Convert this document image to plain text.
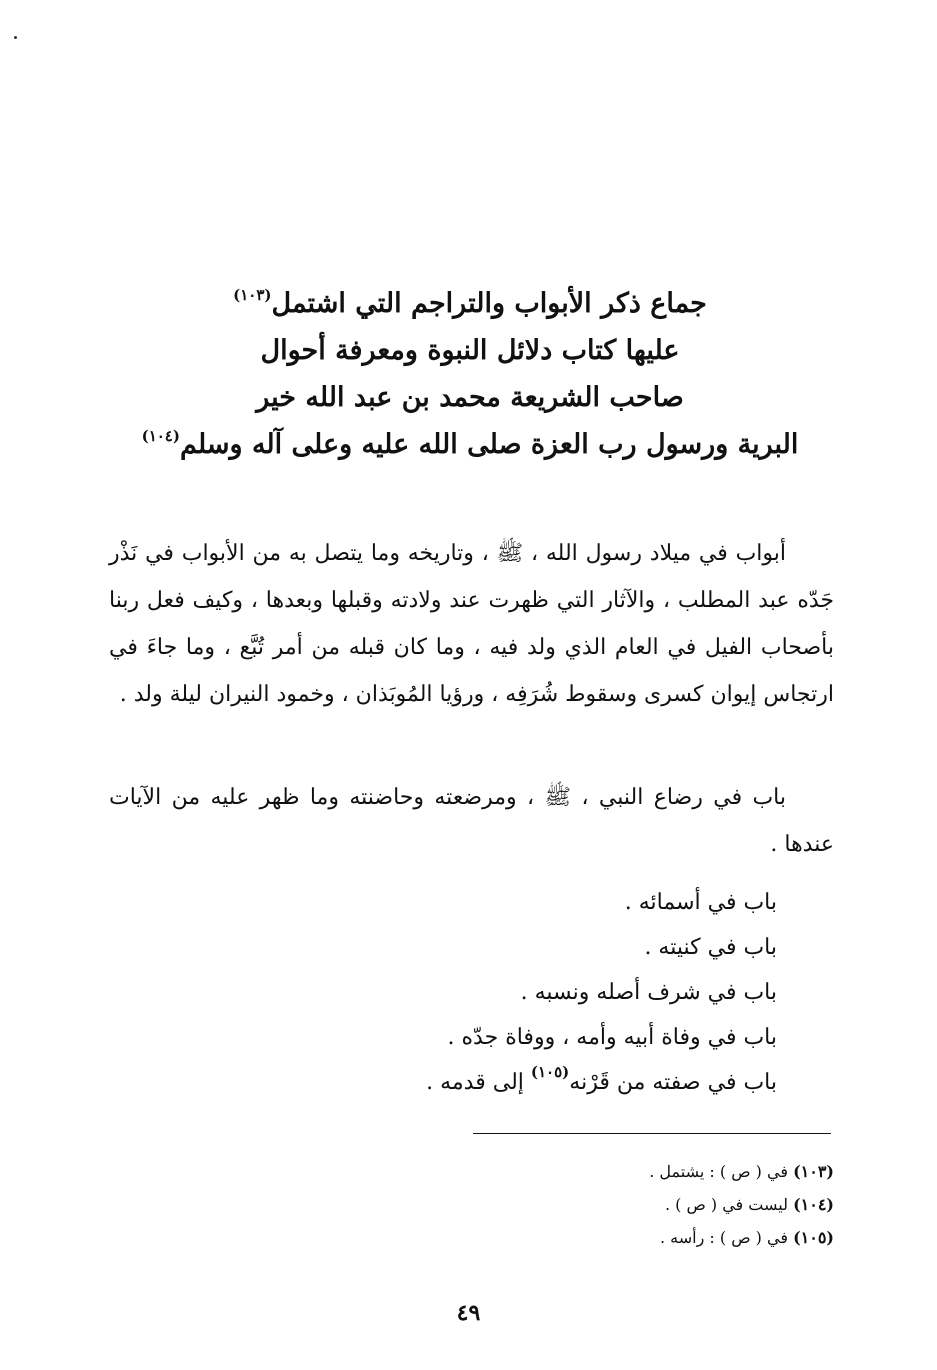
جماع ذكر الأبواب والتراجم التي اشتمل$^{(١٠٣)}$
عليها كتاب دلائل النبوة ومعرفة أحوال
صاحب الشريعة محمد بن عبد الله خير
البرية ورسول رب العزة صلى الله عليه وعلى آله وسلم$^{(١٠٤)}$

أبواب في ميلاد رسول الله ، ﷺ ، وتاريخه وما يتصل به من الأبواب في نَذْر جَدّه عبد المطلب ، والآثار التي ظهرت عند ولادته وقبلها وبعدها ، وكيف فعل ربنا بأصحاب الفيل في العام الذي ولد فيه ، وما كان قبله من أمر تُبَّع ، وما جاءَ في ارتجاس إيوان كسرى وسقوط شُرَفِه ، ورؤيا المُوبَذان ، وخمود النيران ليلة ولد .

باب في رضاع النبي ، ﷺ ، ومرضعته وحاضنته وما ظهر عليه من الآيات عندها .

باب في أسمائه .
باب في كنيته .
باب في شرف أصله ونسبه .
باب في وفاة أبيه وأمه ، ووفاة جدّه .
باب في صفته من قَرْنه$^{(١٠٥)}$ إلى قدمه .
(١٠٣) في ( ص ) : يشتمل .
(١٠٤) ليست في ( ص ) .
(١٠٥) في ( ص ) : رأسه .
٤٩
